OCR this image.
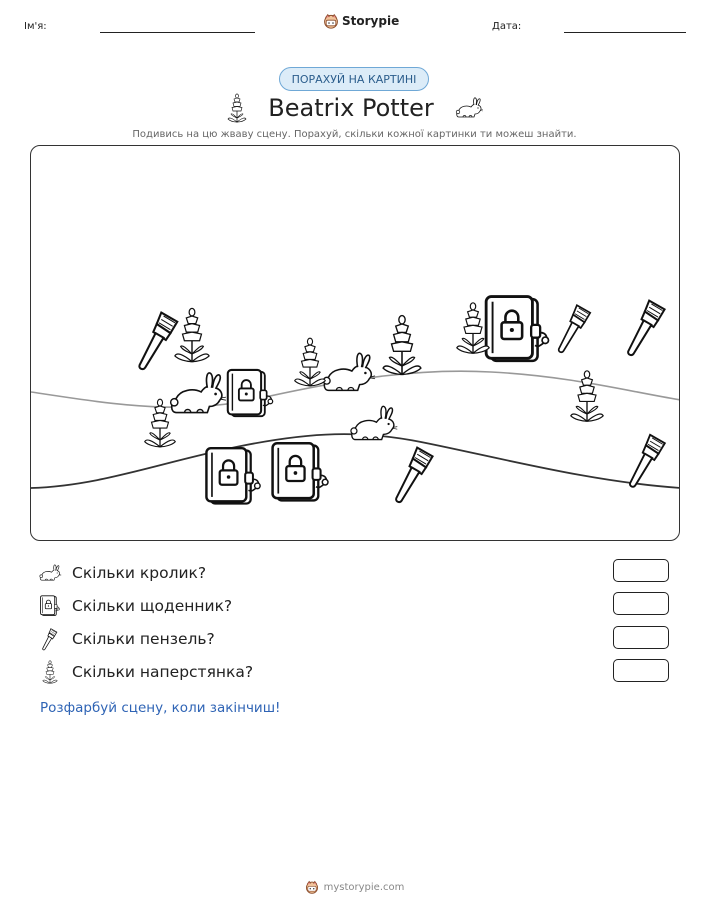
Ім'я:	Storypie	Дата:
ПОРАХУЙ НА КАРТИНІ
Beatrix Potter
Подивись на цю жваву сцену. Порахуй, скільки кожної картинки ти можеш знайти.
Скільки кролик?
Скільки щоденник?
Скільки пензель?
Скільки наперстянка?
Розфарбуй сцену, коли закінчиш!
mystorypie.com
